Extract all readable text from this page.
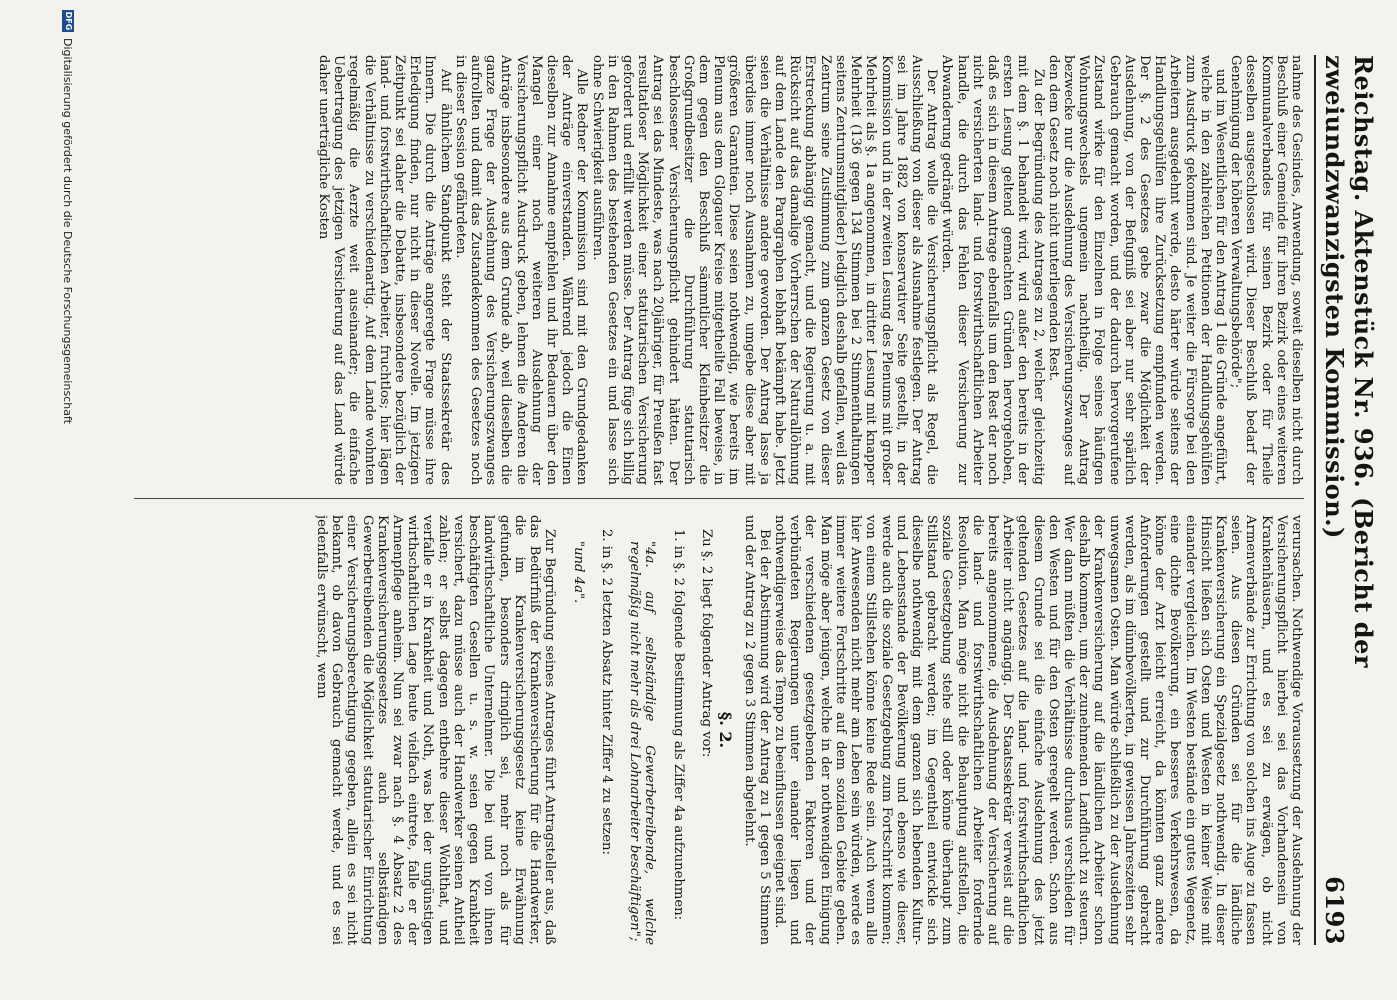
Reichstag. Aktenstück Nr. 936. (Bericht der zweiundzwanzigsten Kommission.)
6193

nahme des Gesindes, Anwendung, soweit dieselben nicht durch Beschluß einer Gemeinde für ihren Bezirk oder eines weiteren Kommunalverbandes für seinen Bezirk oder für Theile desselben ausgeschlossen wird. Dieser Beschluß bedarf der Genehmigung der höheren Verwaltungsbehörde";

und im Wesentlichen für den Antrag 1 die Gründe angeführt, welche in den zahlreichen Petitionen der Handlungsgehülfen zum Ausdruck gekommen sind. Je weiter die Fürsorge bei den Arbeitern ausgedehnt werde, desto härter würde seitens der Handlungsgehülfen ihre Zurücksetzung empfunden werden. Der §. 2 des Gesetzes gebe zwar die Möglichkeit der Ausdehnung, von der Befugniß sei aber nur sehr spärlich Gebrauch gemacht worden, und der dadurch hervorgerufene Zustand wirke für den Einzelnen in Folge seines häufigen Wohnungswechsels ungemein nachtheilig. Der Antrag bezwecke nur die Ausdehnung des Versicherungszwanges auf den dem Gesetz noch nicht unterliegenden Rest.

Zu der Begründung des Antrages zu 2, welcher gleichzeitig mit dem §. 1 behandelt wird, wird außer den bereits in der ersten Lesung geltend gemachten Gründen hervorgehoben, daß es sich in diesem Antrage ebenfalls um den Rest der noch nicht versicherten land- und forstwirthschaftlichen Arbeiter handle, die durch das Fehlen dieser Versicherung zur Abwanderung gedrängt würden.

Der Antrag wolle die Versicherungspflicht als Regel, die Ausschließung von dieser als Ausnahme festlegen. Der Antrag sei im Jahre 1882 von konservativer Seite gestellt, in der Kommission und in der zweiten Lesung des Plenums mit großer Mehrheit als §. 1a angenommen, in dritter Lesung mit knapper Mehrheit (136 gegen 134 Stimmen bei 2 Stimmenthaltungen seitens Zentrumsmitglieder) lediglich deshalb gefallen, weil das Zentrum seine Zustimmung zum ganzen Gesetz von dieser Erstreckung abhängig gemacht, und die Regierung u. a. mit Rücksicht auf das damalige Vorherrschen der Naturallöhnung auf dem Lande den Paragraphen lebhaft bekämpft habe. Jetzt seien die Verhältnisse andere geworden. Der Antrag lasse ja überdies immer noch Ausnahmen zu, umgebe diese aber mit größeren Garantien. Diese seien nothwendig, wie bereits im Plenum aus dem Glogauer Kreise mitgetheilte Fall beweise, in dem gegen den Beschluß sämmtlicher Kleinbesitzer die Großgrundbesitzer die Durchführung statutarisch beschlossener Versicherungspflicht gehindert hätten. Der Antrag sei das Mindeste, was nach 20jähriger, für Preußen fast resultatloser Möglichkeit einer statutarischen Versicherung gefordert und erfüllt werden müsse. Der Antrag füge sich billig in den Rahmen des bestehenden Gesetzes ein und lasse sich ohne Schwierigkeit ausführen.

Alle Redner der Kommission sind mit den Grundgedanken der Anträge einverstanden. Während jedoch die Einen dieselben zur Annahme empfehlen und ihr Bedauern über den Mangel einer noch weiteren Ausdehnung der Versicherungspflicht Ausdruck geben, lehnen die Anderen die Anträge insbesondere aus dem Grunde ab, weil dieselben die ganze Frage der Ausdehnung des Versicherungszwanges aufrollten und damit das Zustandekommen des Gesetzes noch in dieser Session gefährdeten.

Auf ähnlichem Standpunkt steht der Staatssekretär des Innern. Die durch die Anträge angeregte Frage müsse ihre Erledigung finden, nur nicht in dieser Novelle. Im jetzigen Zeitpunkt sei daher die Debatte, insbesondere bezüglich der land- und forstwirthschaftlichen Arbeiter, fruchtlos; hier lägen die Verhältnisse zu verschiedenartig. Auf dem Lande wohnten regelmäßig die Aerzte weit auseinander; die einfache Uebertragung des jetzigen Versicherung auf das Land würde daher unerträgliche Kosten

verursachen. Nothwendige Voraussetzung der Ausdehnung der Versicherungspflicht hierbei sei das Vorhandensein von Krankenhäusern, und es sei zu erwägen, ob nicht Armenverbände zur Errichtung von solchen ins Auge zu fassen seien. Aus diesen Gründen sei für die ländliche Krankenversicherung ein Spezialgesetz nothwendig. In dieser Hinsicht ließen sich Osten und Westen in keiner Weise mit einander vergleichen. Im Westen bestände ein gutes Wegenetz, eine dichte Bevölkerung, ein besseres Verkehrswesen, da könne der Arzt leicht erreicht, da könnten ganz andere Anforderungen gestellt und zur Durchführung gebracht werden, als im dünnbevölkerten, in gewissen Jahreszeiten sehr unwegsamen Osten. Man würde schließlich zu der Ausdehnung der Krankenversicherung auf die ländlichen Arbeiter schon deshalb kommen, um der zunehmenden Landflucht zu steuern. Wer dann müßten die Verhältnisse durchaus verschieden für den Westen und für den Osten geregelt werden. Schon aus diesem Grunde sei die einfache Ausdehnung des jetzt geltenden Gesetzes auf die land- und forstwirthschaftlichen Arbeiter nicht angängig. Der Staatssekretär verweist auf die bereits angenommene, die Ausdehnung der Versicherung auf die land- und forstwirthschaftlichen Arbeiter fordernde Resolution. Man möge nicht die Behauptung aufstellen, die soziale Gesetzgebung stehe still oder könne überhaupt zum Stillstand gebracht werden; im Gegentheil entwickle sich dieselbe nothwendig mit dem ganzen sich hebenden Kultur- und Lebensstande der Bevölkerung und ebenso wie dieser, werde auch die soziale Gesetzgebung zum Fortschritt kommen; von einem Stillstehen könne keine Rede sein. Auch wenn alle hier Anwesenden nicht mehr am Leben sein würden, werde es immer weitere Fortschritte auf dem sozialen Gebiete geben. Man möge aber jenigen, welche in der nothwendigen Einigung der verschiedenen gesetzgebenden Faktoren und der verbündeten Regierungen unter einander liegen und nothwendigerweise das Tempo zu beeinflussen geeignet sind.

Bei der Abstimmung wird der Antrag zu 1 gegen 5 Stimmen und der Antrag zu 2 gegen 3 Stimmen abgelehnt.

§. 2.

Zu §. 2 liegt folgender Antrag vor:

1. in §. 2 folgende Bestimmung als Ziffer 4a aufzunehmen:

"4a. auf selbständige Gewerbetreibende, welche regelmäßig nicht mehr als drei Lohnarbeiter beschäftigen";

2. in §. 2 letzten Absatz hinter Ziffer 4 zu setzen:

"und 4a".

Zur Begründung seines Antrages führt Antragsteller aus, daß das Bedürfniß der Krankenversicherung für die Handwerker, die im Krankenversicherungsgesetz keine Erwähnung gefunden, besonders dringlich sei, mehr noch als für landwirthschaftliche Unternehmer. Die bei und von ihnen beschäftigten Gesellen u. s. w. seien gegen Krankheit versichert, dazu müsse auch der Handwerker seinen Antheil zahlen; er selbst dagegen entbehre dieser Wohlthat, und verfalle er in Krankheit und Noth, was bei der ungünstigen wirthschaftlichen Lage heute vielfach eintrete, falle er der Armenpflege anheim. Nun sei zwar nach §. 4 Absatz 2 des Krankenversicherungsgesetzes auch selbständigen Gewerbetreibenden die Möglichkeit statutarischer Einrichtung einer Versicherungsberechtigung gegeben, allein es sei nicht bekannt, ob davon Gebrauch gemacht werde, und es sei jedenfalls erwünscht, wenn

DFG
Digitalisierung gefördert durch die Deutsche Forschungsgemeinschaft
